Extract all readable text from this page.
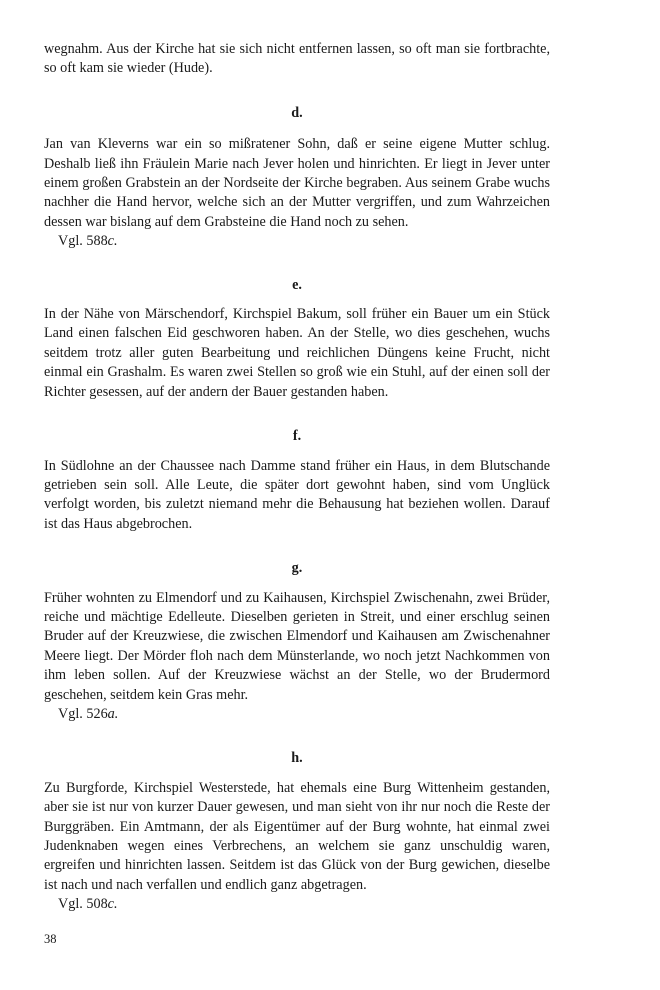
wegnahm. Aus der Kirche hat sie sich nicht entfernen lassen, so oft man sie fortbrachte, so oft kam sie wieder (Hude).

d.

Jan van Kleverns war ein so mißratener Sohn, daß er seine eigene Mutter schlug. Deshalb ließ ihn Fräulein Marie nach Jever holen und hinrichten. Er liegt in Jever unter einem großen Grabstein an der Nordseite der Kirche begraben. Aus seinem Grabe wuchs nachher die Hand hervor, welche sich an der Mutter vergriffen, und zum Wahrzeichen dessen war bislang auf dem Grabsteine die Hand noch zu sehen.

Vgl. 588c.

e.

In der Nähe von Märschendorf, Kirchspiel Bakum, soll früher ein Bauer um ein Stück Land einen falschen Eid geschworen haben. An der Stelle, wo dies geschehen, wuchs seitdem trotz aller guten Bearbeitung und reichlichen Düngens keine Frucht, nicht einmal ein Grashalm. Es waren zwei Stellen so groß wie ein Stuhl, auf der einen soll der Richter gesessen, auf der andern der Bauer gestanden haben.

f.

In Südlohne an der Chaussee nach Damme stand früher ein Haus, in dem Blutschande getrieben sein soll. Alle Leute, die später dort gewohnt haben, sind vom Unglück verfolgt worden, bis zuletzt niemand mehr die Behausung hat beziehen wollen. Darauf ist das Haus abgebrochen.

g.

Früher wohnten zu Elmendorf und zu Kaihausen, Kirchspiel Zwischenahn, zwei Brüder, reiche und mächtige Edelleute. Dieselben gerieten in Streit, und einer erschlug seinen Bruder auf der Kreuzwiese, die zwischen Elmendorf und Kaihausen am Zwischenahner Meere liegt. Der Mörder floh nach dem Münsterlande, wo noch jetzt Nachkommen von ihm leben sollen. Auf der Kreuzwiese wächst an der Stelle, wo der Brudermord geschehen, seitdem kein Gras mehr.

Vgl. 526a.

h.

Zu Burgforde, Kirchspiel Westerstede, hat ehemals eine Burg Wittenheim gestanden, aber sie ist nur von kurzer Dauer gewesen, und man sieht von ihr nur noch die Reste der Burggräben. Ein Amtmann, der als Eigentümer auf der Burg wohnte, hat einmal zwei Judenknaben wegen eines Verbrechens, an welchem sie ganz unschuldig waren, ergreifen und hinrichten lassen. Seitdem ist das Glück von der Burg gewichen, dieselbe ist nach und nach verfallen und endlich ganz abgetragen.

Vgl. 508c.

38
